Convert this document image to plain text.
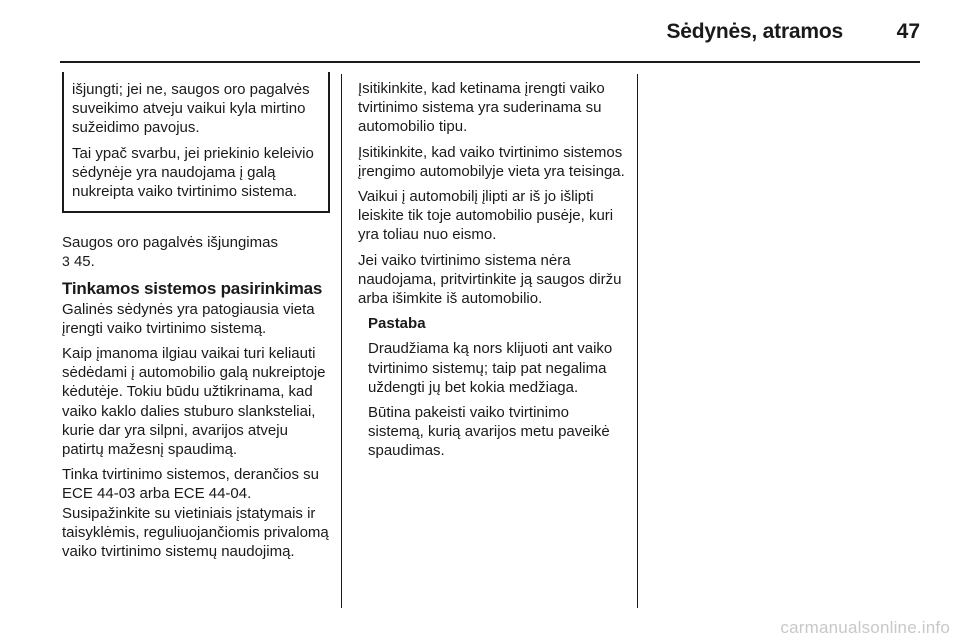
Sėdynės, atramos	47

išjungti; jei ne, saugos oro pagalvės suveikimo atveju vaikui kyla mirtino sužeidimo pavojus.

Tai ypač svarbu, jei priekinio keleivio sėdynėje yra naudojama į galą nukreipta vaiko tvirtinimo sistema.

Saugos oro pagalvės išjungimas
3 45.

Tinkamos sistemos pasirinkimas

Galinės sėdynės yra patogiausia vieta įrengti vaiko tvirtinimo sistemą.

Kaip įmanoma ilgiau vaikai turi keliauti sėdėdami į automobilio galą nukreiptoje kėdutėje. Tokiu būdu užtikrinama, kad vaiko kaklo dalies stuburo slanksteliai, kurie dar yra silpni, avarijos atveju patirtų mažesnį spaudimą.

Tinka tvirtinimo sistemos, derančios su ECE 44-03 arba ECE 44-04. Susipažinkite su vietiniais įstatymais ir taisyklėmis, reguliuojančiomis privalomą vaiko tvirtinimo sistemų naudojimą.

Įsitikinkite, kad ketinama įrengti vaiko tvirtinimo sistema yra suderinama su automobilio tipu.

Įsitikinkite, kad vaiko tvirtinimo sistemos įrengimo automobilyje vieta yra teisinga.

Vaikui į automobilį įlipti ar iš jo išlipti leiskite tik toje automobilio pusėje, kuri yra toliau nuo eismo.

Jei vaiko tvirtinimo sistema nėra naudojama, pritvirtinkite ją saugos diržu arba išimkite iš automobilio.

Pastaba

Draudžiama ką nors klijuoti ant vaiko tvirtinimo sistemų; taip pat negalima uždengti jų bet kokia medžiaga.

Būtina pakeisti vaiko tvirtinimo sistemą, kurią avarijos metu paveikė spaudimas.

carmanualsonline.info
